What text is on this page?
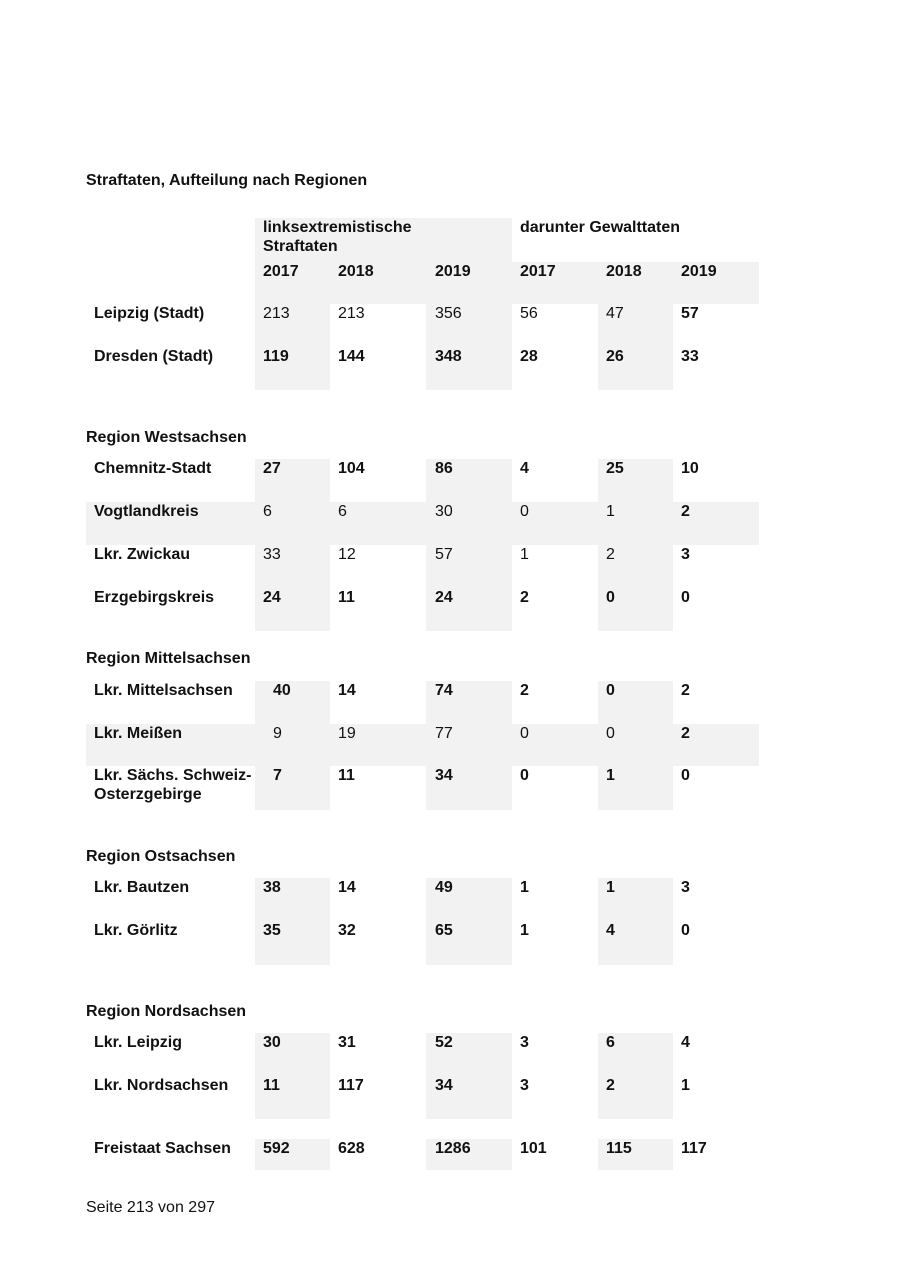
Straftaten, Aufteilung nach Regionen
linksextremistische Straftaten
darunter Gewalttaten
2017 2018	2019	2017	2018 2019
Leipzig (Stadt)	213	213	356	56	47	57
Dresden (Stadt)	119	144	348	28	26	33
Region Westsachsen
Chemnitz-Stadt	27	104	86	4	25	10
Vogtlandkreis	6	6	30	0	1	2
Lkr. Zwickau	33	12	57	1	2	3
Erzgebirgskreis	24	11	24	2	0	0
Region Mittelsachsen
Lkr. Mittelsachsen	40	14	74	2	0	2
Lkr. Meißen	9	19	77	0	0	2
Lkr. Sächs. Schweiz-
Osterzgebirge
7	11	34	0	1	0
Region Ostsachsen
Lkr. Bautzen	38	14	49	1	1	3
Lkr. Görlitz	35	32	65	1	4	0
Region Nordsachsen
Lkr. Leipzig	30	31	52	3	6	4
Lkr. Nordsachsen 11	117	34	3	2	1
Freistaat Sachsen 592	628	1286	101	115	117
Seite 213 von 297
